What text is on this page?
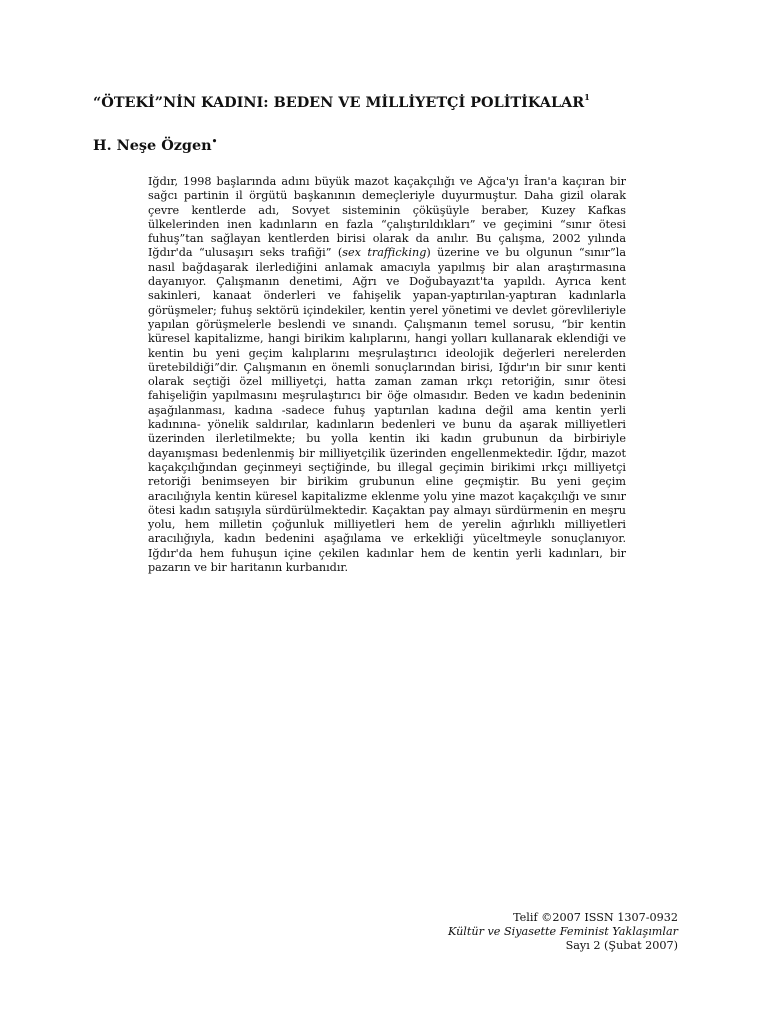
“ÖTEKİ”NİN KADINI: BEDEN VE MİLLİYETÇİ POLİTİKALAR$^1$
H. Neşe Özgen•
Iğdır, 1998 başlarında adını büyük mazot kaçakçılığı ve Ağca'yı İran'a kaçıran bir
sağcı partinin il örgütü başkanının demeçleriyle duyurmuştur. Daha gizil olarak
çevre kentlerde adı, Sovyet sisteminin çöküşüyle beraber, Kuzey Kafkas
ülkelerinden inen kadınların en fazla “çalıştırıldıkları” ve geçimini “sınır ötesi
fuhuş”tan sağlayan kentlerden birisi olarak da anılır. Bu çalışma, 2002 yılında
Iğdır'da “ulusaşırı seks trafiği” (sex trafficking) üzerine ve bu olgunun “sınır”la
nasıl bağdaşarak ilerlediğini anlamak amacıyla yapılmış bir alan araştırmasına
dayanıyor. Çalışmanın denetimi, Ağrı ve Doğubayazıt'ta yapıldı. Ayrıca kent
sakinleri, kanaat önderleri ve fahişelik yapan-yaptırılan-yaptıran kadınlarla
görüşmeler; fuhuş sektörü içindekiler, kentin yerel yönetimi ve devlet görevlileriyle
yapılan görüşmelerle beslendi ve sınandı. Çalışmanın temel sorusu, “bir kentin
küresel kapitalizme, hangi birikim kalıplarını, hangi yolları kullanarak eklendiği ve
kentin bu yeni geçim kalıplarını meşrulaştırıcı ideolojik değerleri nerelerden
üretebildiği”dir. Çalışmanın en önemli sonuçlarından birisi, Iğdır'ın bir sınır kenti
olarak seçtiği özel milliyetçi, hatta zaman zaman ırkçı retoriğin, sınır ötesi
fahişeliğin yapılmasını meşrulaştırıcı bir öğe olmasıdır. Beden ve kadın bedeninin
aşağılanması, kadına -sadece fuhuş yaptırılan kadına değil ama kentin yerli
kadınına- yönelik saldırılar, kadınların bedenleri ve bunu da aşarak milliyetleri
üzerinden ilerletilmekte; bu yolla kentin iki kadın grubunun da birbiriyle
dayanışması bedenlenmiş bir milliyetçilik üzerinden engellenmektedir. Iğdır, mazot
kaçakçılığından geçinmeyi seçtiğinde, bu illegal geçimin birikimi ırkçı milliyetçi
retoriği benimseyen bir birikim grubunun eline geçmiştir. Bu yeni geçim
aracılığıyla kentin küresel kapitalizme eklenme yolu yine mazot kaçakçılığı ve sınır
ötesi kadın satışıyla sürdürülmektedir. Kaçaktan pay almayı sürdürmenin en meşru
yolu, hem milletin çoğunluk milliyetleri hem de yerelin ağırlıklı milliyetleri
aracılığıyla, kadın bedenini aşağılama ve erkekliği yüceltmeyle sonuçlanıyor.
Iğdır'da hem fuhuşun içine çekilen kadınlar hem de kentin yerli kadınları, bir
pazarın ve bir haritanın kurbanıdır.
Telif ©2007 ISSN 1307-0932
Kültür ve Siyasette Feminist Yaklaşımlar
Sayı 2 (Şubat 2007)
